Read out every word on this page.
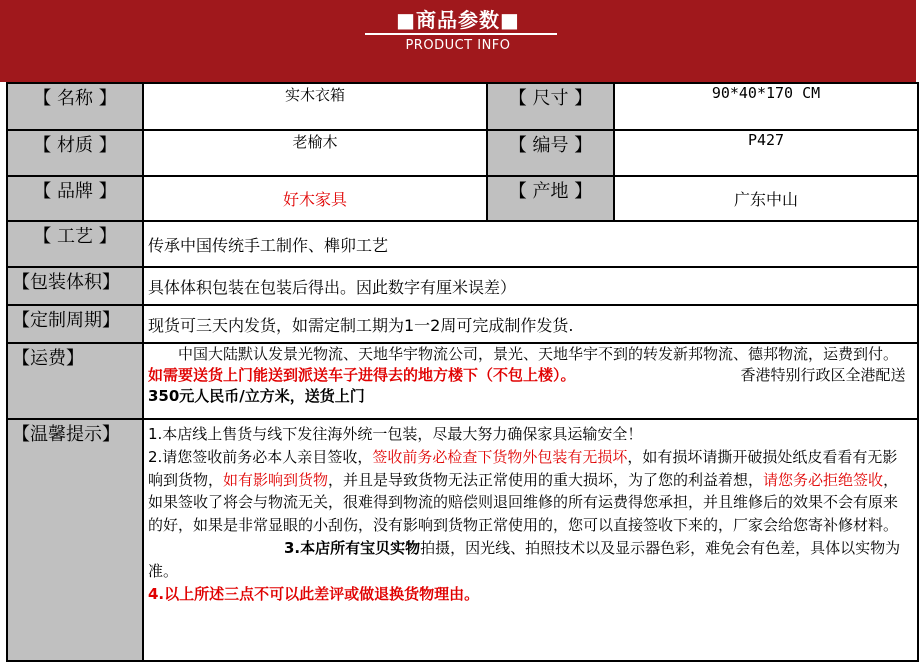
■商品参数■
PRODUCT INFO
【 名称 】	实木衣箱	【 尺寸 】	90*40*170 CM
【 材质 】	老榆木	【 编号 】	P427
【 品牌 】	好木家具	【 产地 】	广东中山
【 工艺 】	传承中国传统手工制作、榫卯工艺		
【包装体积】	具体体积包装在包装后得出。因此数字有厘米误差）		
【定制周期】	现货可三天内发货，如需定制工期为1一2周可完成制作发货.		
【运费】	中国大陆默认发景光物流、天地华宇物流公司，景光、天地华宇不到的转发新邦物流、德邦物流，运费到付。如需要送货上门能送到派送车子进得去的地方楼下（不包上楼）。 香港特别行政区全港配送350元人民币/立方米，送货上门		

【温馨提示】	1.本店线上售货与线下发往海外统一包装，尽最大努力确保家具运输安全！

2.请您签收前务必本人亲目签收，签收前务必检查下货物外包装有无损坏，如有损坏请撕开破损处纸皮看看有无影响到货物，如有影响到货物，并且是导致货物无法正常使用的重大损坏，为了您的利益着想，请您务必拒绝签收，如果签收了将会与物流无关，很难得到物流的赔偿则退回维修的所有运费得您承担，并且维修后的效果不会有原来的好，如果是非常显眼的小刮伤，没有影响到货物正常使用的，您可以直接签收下来的，厂家会给您寄补修材料。3.本店所有宝贝实物拍摄，因光线、拍照技术以及显示器色彩，难免会有色差，具体以实物为准。

4.以上所述三点不可以此差评或做退换货物理由。		
